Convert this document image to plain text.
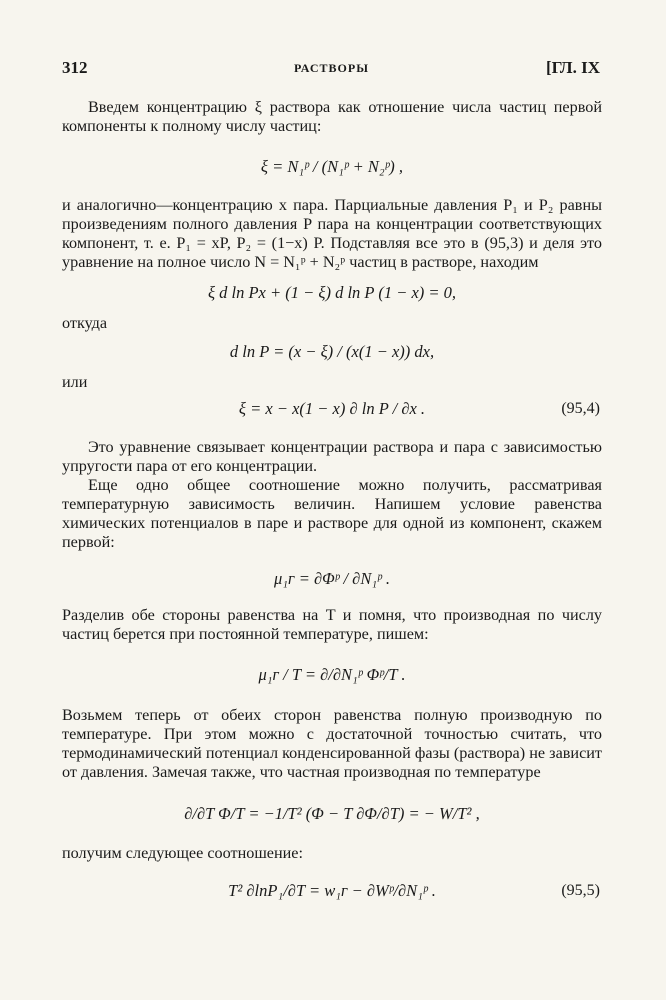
312	РАСТВОРЫ	[ГЛ. IX

Введем концентрацию ξ раствора как отношение числа частиц первой компоненты к полному числу частиц:

ξ = N₁ᵖ / (N₁ᵖ + N₂ᵖ) ,

и аналогично—концентрацию x пара. Парциальные давления P₁ и P₂ равны произведениям полного давления P пара на концентрации соответствующих компонент, т. е. P₁ = xP, P₂ = (1−x) P. Подставляя все это в (95,3) и деля это уравнение на полное число N = N₁ᵖ + N₂ᵖ частиц в растворе, находим

ξ d ln Px + (1 − ξ) d ln P (1 − x) = 0,

откуда

d ln P = (x − ξ) / (x(1 − x)) dx,

или

ξ = x − x(1 − x) ∂ ln P / ∂x .	(95,4)

Это уравнение связывает концентрации раствора и пара с зависимостью упругости пара от его концентрации.

Еще одно общее соотношение можно получить, рассматривая температурную зависимость величин. Напишем условие равенства химических потенциалов в паре и растворе для одной из компонент, скажем первой:

μ₁ᴦ = ∂Φᵖ / ∂N₁ᵖ .

Разделив обе стороны равенства на T и помня, что производная по числу частиц берется при постоянной температуре, пишем:

μ₁ᴦ / T = ∂/∂N₁ᵖ Φᵖ/T .

Возьмем теперь от обеих сторон равенства полную производную по температуре. При этом можно с достаточной точностью считать, что термодинамический потенциал конденсированной фазы (раствора) не зависит от давления. Замечая также, что частная производная по температуре

∂/∂T Φ/T = −1/T² (Φ − T ∂Φ/∂T) = − W/T² ,

получим следующее соотношение:

T² ∂lnP₁/∂T = w₁ᴦ − ∂Wᵖ/∂N₁ᵖ .	(95,5)
